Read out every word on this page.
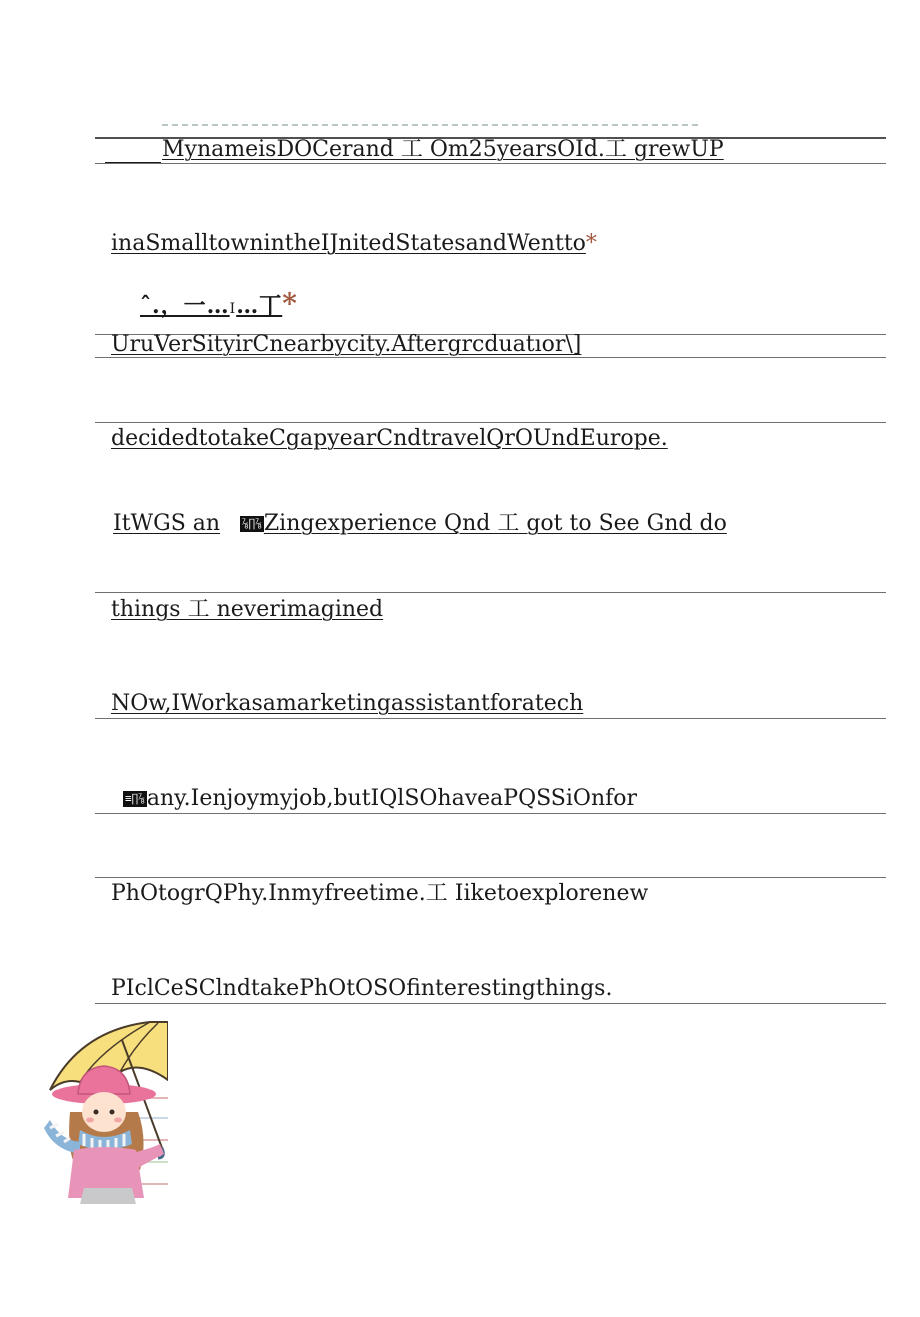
MynameisDOCerand 工 Om25yearsOId.工 grewUP
inaSmalltownintheIJnitedStatesandWentto*
ˆ.，一…I…丅*
UruVerSityirCnearbycity.Aftergrcduatıor\]
decidedtotakeCgapyearCndtravelQrOUndEurope.
ItWGS an ⅞∏⅞Zingexperience Qnd 工 got to See Gnd do
things 工 neverimagined
NOw,IWorkasamarketingassistantforatech
≡∏⅞any.Ienjoymyjob,butIQlSOhaveaPQSSiOnfor
PhOtogrQPhy.Inmyfreetime.工 Iiketoexplorenew
PIclCeSClndtakePhOtOSOfinterestingthings.
